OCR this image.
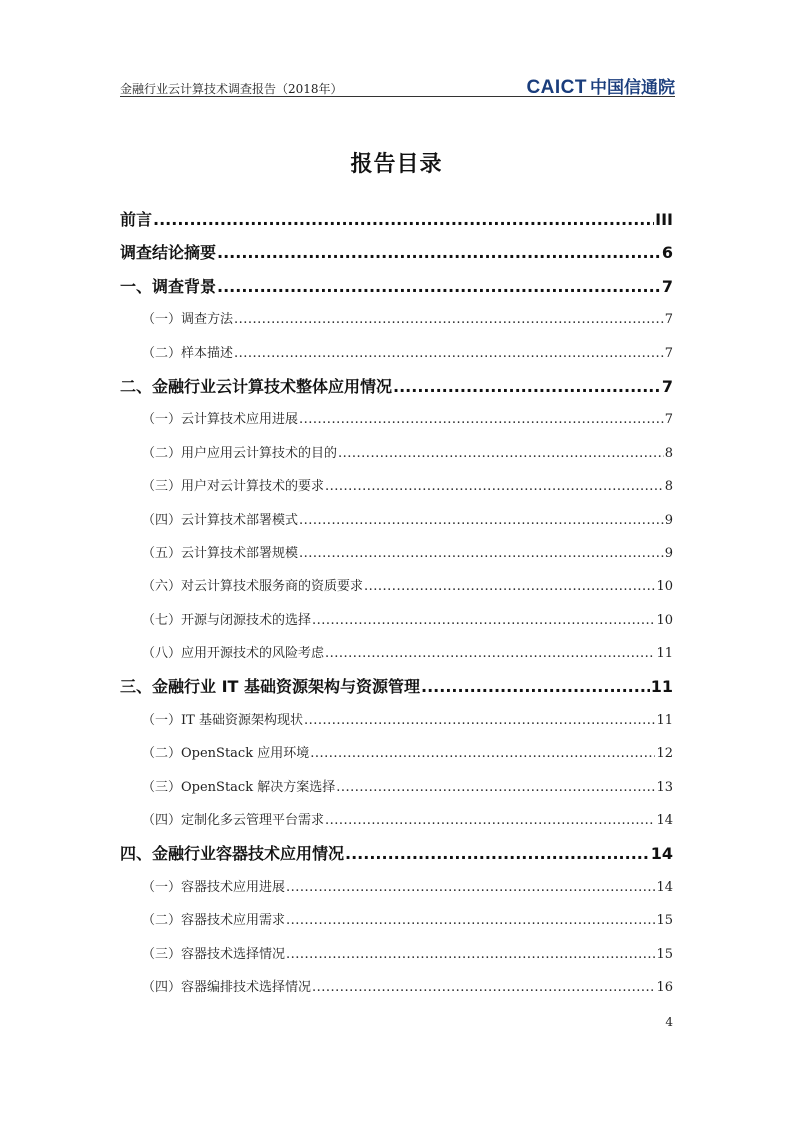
金融行业云计算技术调查报告（2018年）	CAICT 中国信通院
报告目录
前言 .....	III
调查结论摘要 .....	6
一、调查背景 .....	7
（一）调查方法 .....	7
（二）样本描述 .....	7
二、金融行业云计算技术整体应用情况 .....	7
（一）云计算技术应用进展 .....	7
（二）用户应用云计算技术的目的 .....	8
（三）用户对云计算技术的要求 .....	8
（四）云计算技术部署模式 .....	9
（五）云计算技术部署规模 .....	9
（六）对云计算技术服务商的资质要求 .....	10
（七）开源与闭源技术的选择 .....	10
（八）应用开源技术的风险考虑 .....	11
三、金融行业 IT 基础资源架构与资源管理 .....	11
（一）IT 基础资源架构现状 .....	11
（二）OpenStack 应用环境 .....	12
（三）OpenStack 解决方案选择 .....	13
（四）定制化多云管理平台需求 .....	14
四、金融行业容器技术应用情况 .....	14
（一）容器技术应用进展 .....	14
（二）容器技术应用需求 .....	15
（三）容器技术选择情况 .....	15
（四）容器编排技术选择情况 .....	16
4
